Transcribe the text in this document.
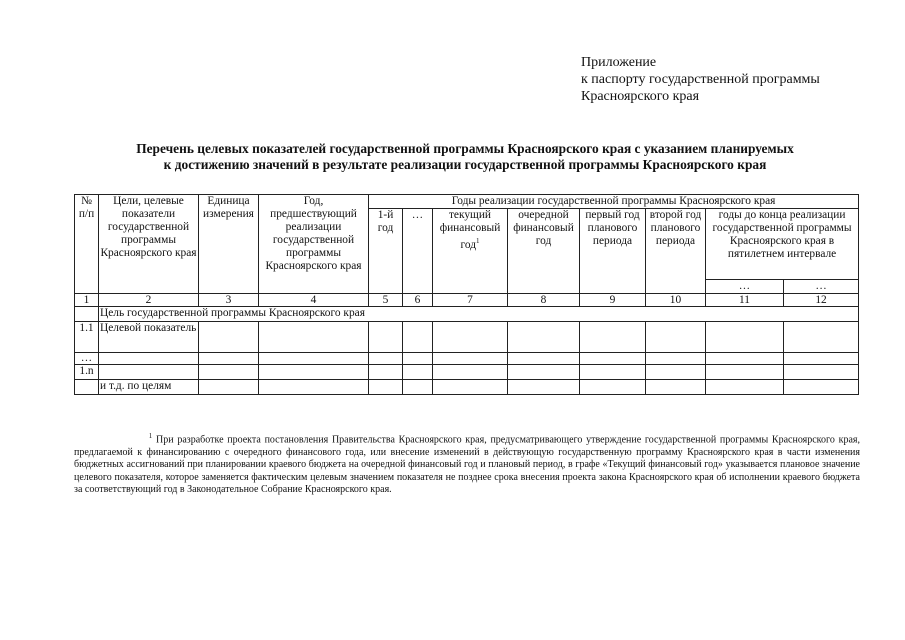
Приложение
к паспорту государственной программы
Красноярского края
Перечень целевых показателей государственной программы Красноярского края с указанием планируемых
к достижению значений в результате реализации государственной программы Красноярского края
№ п/п	Цели, целевые показатели государственной программы Красноярского края	Единица измерения	Год, предшествующий реализации государственной программы Красноярского края	Годы реализации государственной программы Красноярского края							
				1-й год	…	текущий финансовый год$^1$	очередной финансовый год	первый год планового периода	второй год планового периода	годы до конца реализации государственной программы Красноярского края в пятилетнем интервале	
										…	…
1	2	3	4	5	6	7	8	9	10	11	12
	Цель государственной программы Красноярского края										
1.1	Целевой показатель										
…											
1.n											
	и т.д. по целям										
$^1$ При разработке проекта постановления Правительства Красноярского края, предусматривающего утверждение государственной программы Красноярского края, предлагаемой к финансированию с очередного финансового года, или внесение изменений в действующую государственную программу Красноярского края в части изменения бюджетных ассигнований при планировании краевого бюджета на очередной финансовый год и плановый период, в графе «Текущий финансовый год» указывается плановое значение целевого показателя, которое заменяется фактическим целевым значением показателя не позднее срока внесения проекта закона Красноярского края об исполнении краевого бюджета за соответствующий год в Законодательное Собрание Красноярского края.
